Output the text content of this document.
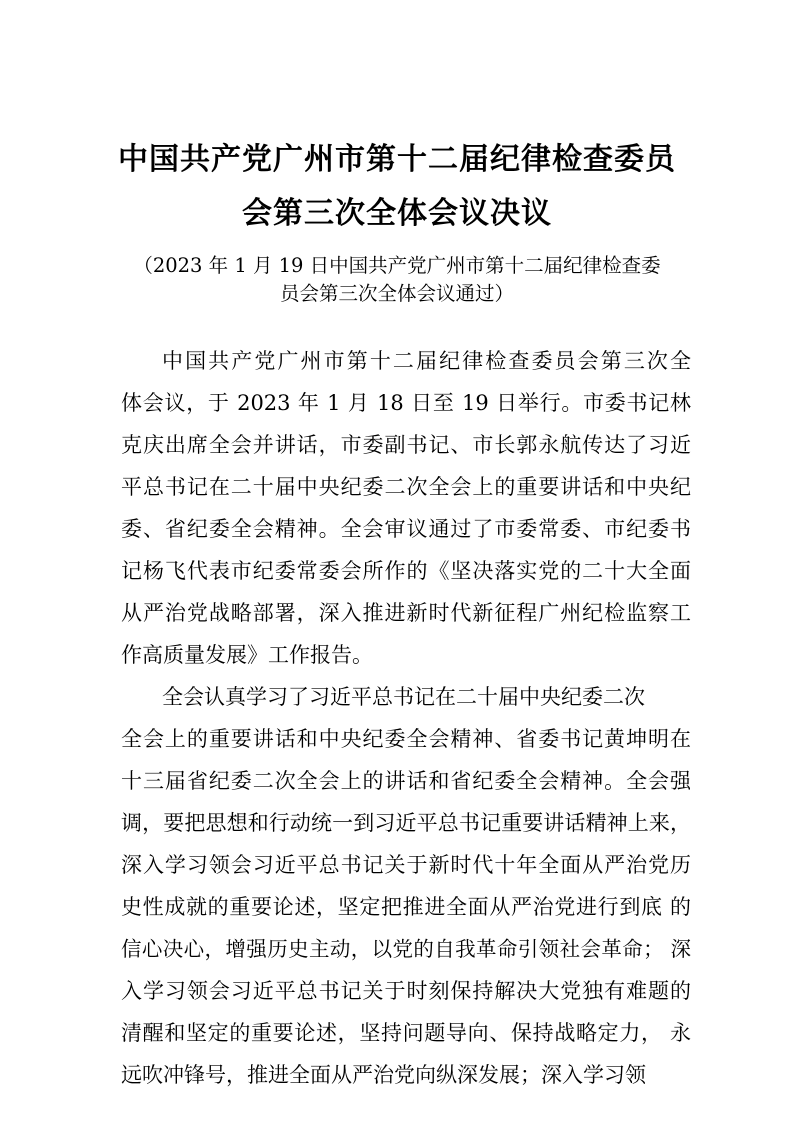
中国共产党广州市第十二届纪律检查委员
会第三次全体会议决议
（2023 年 1 月 19 日中国共产党广州市第十二届纪律检查委
员会第三次全体会议通过）
中国共产党广州市第十二届纪律检查委员会第三次全
体会议，于 2023 年 1 月 18 日至 19 日举行。市委书记林
克庆出席全会并讲话，市委副书记、市长郭永航传达了习近
平总书记在二十届中央纪委二次全会上的重要讲话和中央纪
委、省纪委全会精神。全会审议通过了市委常委、市纪委书
记杨飞代表市纪委常委会所作的《坚决落实党的二十大全面
从严治党战略部署，深入推进新时代新征程广州纪检监察工
作高质量发展》工作报告。
全会认真学习了习近平总书记在二十届中央纪委二次
全会上的重要讲话和中央纪委全会精神、省委书记黄坤明在
十三届省纪委二次全会上的讲话和省纪委全会精神。全会强
调，要把思想和行动统一到习近平总书记重要讲话精神上来，
深入学习领会习近平总书记关于新时代十年全面从严治党历
史性成就的重要论述，坚定把推进全面从严治党进行到底 的
信心决心，增强历史主动，以党的自我革命引领社会革命； 深
入学习领会习近平总书记关于时刻保持解决大党独有难题的
清醒和坚定的重要论述，坚持问题导向、保持战略定力， 永
远吹冲锋号，推进全面从严治党向纵深发展；深入学习领
